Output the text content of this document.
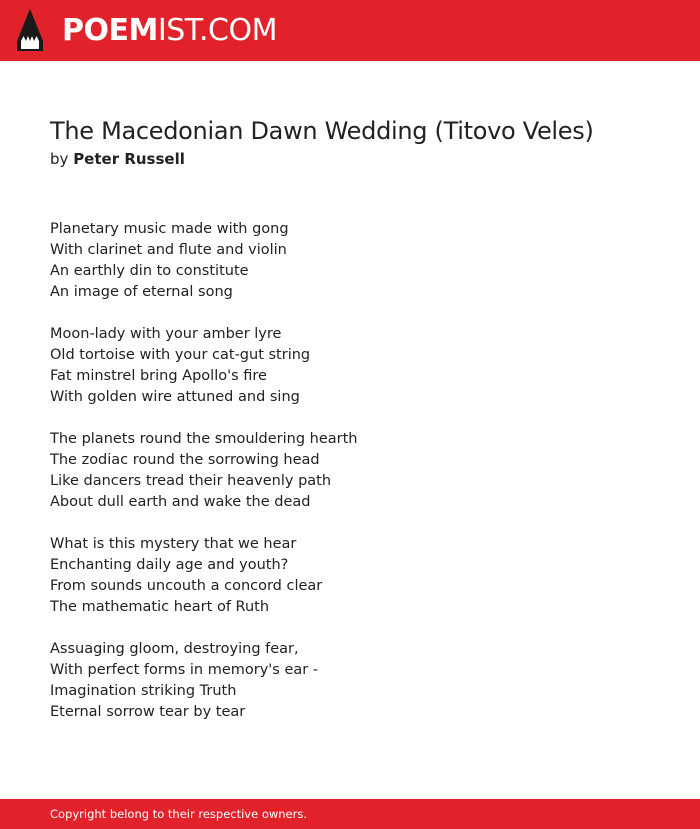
POEMIST.COM
The Macedonian Dawn Wedding (Titovo Veles)
by Peter Russell
Planetary music made with gong
With clarinet and flute and violin
An earthly din to constitute
An image of eternal song
Moon-lady with your amber lyre
Old tortoise with your cat-gut string
Fat minstrel bring Apollo's fire
With golden wire attuned and sing
The planets round the smouldering hearth
The zodiac round the sorrowing head
Like dancers tread their heavenly path
About dull earth and wake the dead
What is this mystery that we hear
Enchanting daily age and youth?
From sounds uncouth a concord clear
The mathematic heart of Ruth
Assuaging gloom, destroying fear,
With perfect forms in memory's ear -
Imagination striking Truth
Eternal sorrow tear by tear
Copyright belong to their respective owners.
